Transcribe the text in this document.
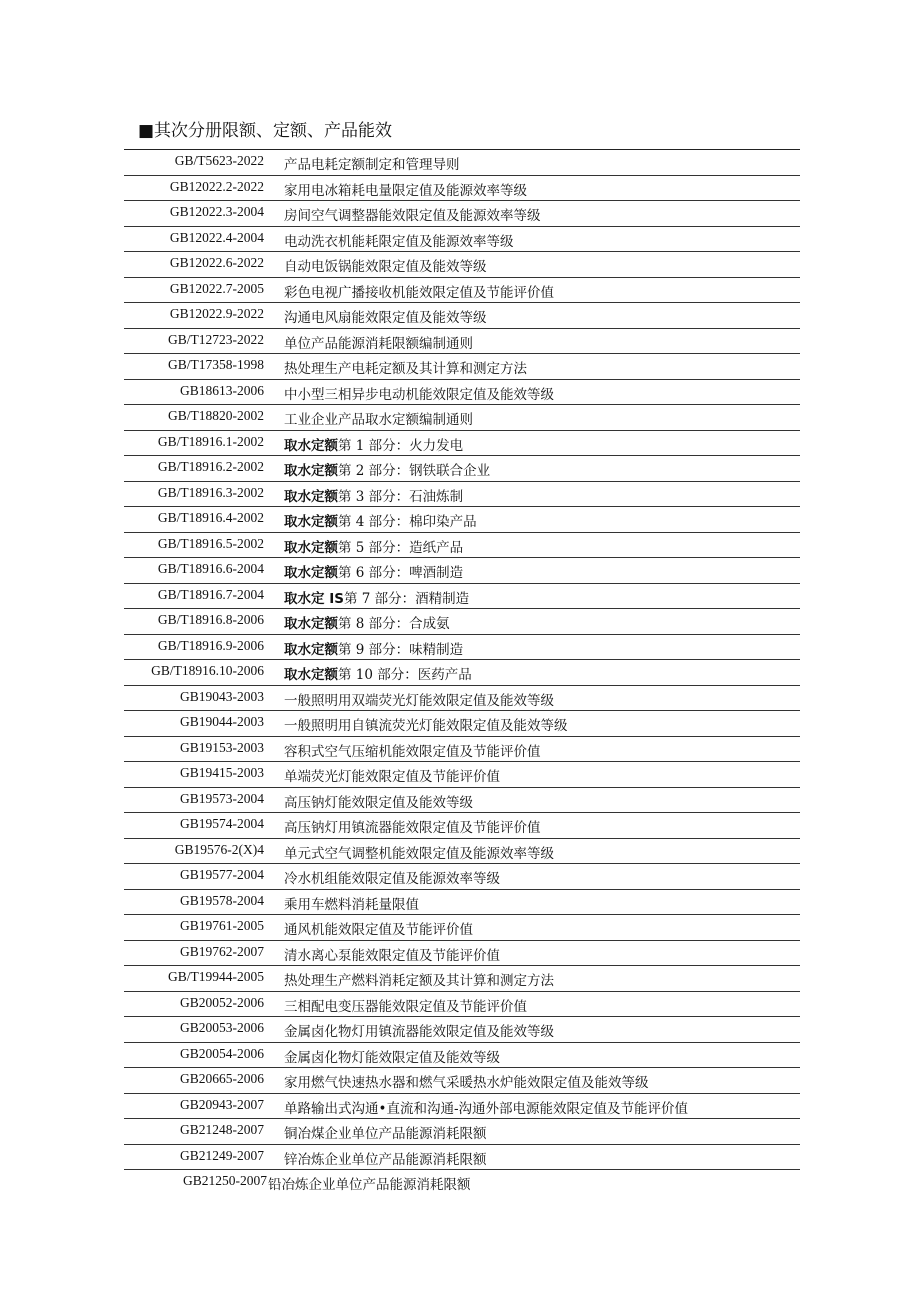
■其次分册限额、定额、产品能效
GB/T5623-2022 产品电耗定额制定和管理导则
GB12022.2-2022 家用电冰箱耗电量限定值及能源效率等级
GB12022.3-2004 房间空气调整器能效限定值及能源效率等级
GB12022.4-2004 电动洗衣机能耗限定值及能源效率等级
GB12022.6-2022 自动电饭锅能效限定值及能效等级
GB12022.7-2005 彩色电视广播接收机能效限定值及节能评价值
GB12022.9-2022 沟通电风扇能效限定值及能效等级
GB/T12723-2022 单位产品能源消耗限额编制通则
GB/T17358-1998 热处理生产电耗定额及其计算和测定方法
GB18613-2006 中小型三相异步电动机能效限定值及能效等级
GB/T18820-2002 工业企业产品取水定额编制通则
GB/T18916.1-2002 取水定额第 1 部分：火力发电
GB/T18916.2-2002 取水定额第 2 部分：钢铁联合企业
GB/T18916.3-2002 取水定额第 3 部分：石油炼制
GB/T18916.4-2002 取水定额第 4 部分：棉印染产品
GB/T18916.5-2002 取水定额第 5 部分：造纸产品
GB/T18916.6-2004 取水定额第 6 部分：啤酒制造
GB/T18916.7-2004 取水定 IS第 7 部分：酒精制造
GB/T18916.8-2006 取水定额第 8 部分：合成氨
GB/T18916.9-2006 取水定额第 9 部分：味精制造
GB/T18916.10-2006 取水定额第 10 部分：医药产品
GB19043-2003 一般照明用双端荧光灯能效限定值及能效等级
GB19044-2003 一般照明用自镇流荧光灯能效限定值及能效等级
GB19153-2003 容积式空气压缩机能效限定值及节能评价值
GB19415-2003 单端荧光灯能效限定值及节能评价值
GB19573-2004 高压钠灯能效限定值及能效等级
GB19574-2004 高压钠灯用镇流器能效限定值及节能评价值
GB19576-2(X)4 单元式空气调整机能效限定值及能源效率等级
GB19577-2004 冷水机组能效限定值及能源效率等级
GB19578-2004 乘用车燃料消耗量限值
GB19761-2005 通风机能效限定值及节能评价值
GB19762-2007 清水离心泵能效限定值及节能评价值
GB/T19944-2005 热处理生产燃料消耗定额及其计算和测定方法
GB20052-2006 三相配电变压器能效限定值及节能评价值
GB20053-2006 金属卤化物灯用镇流器能效限定值及能效等级
GB20054-2006 金属卤化物灯能效限定值及能效等级
GB20665-2006 家用燃气快速热水器和燃气采暖热水炉能效限定值及能效等级
GB20943-2007 单路输出式沟通•直流和沟通-沟通外部电源能效限定值及节能评价值
GB21248-2007 铜冶煤企业单位产品能源消耗限额
GB21249-2007 锌冶炼企业单位产品能源消耗限额
GB21250-2007 铅冶炼企业单位产品能源消耗限额
